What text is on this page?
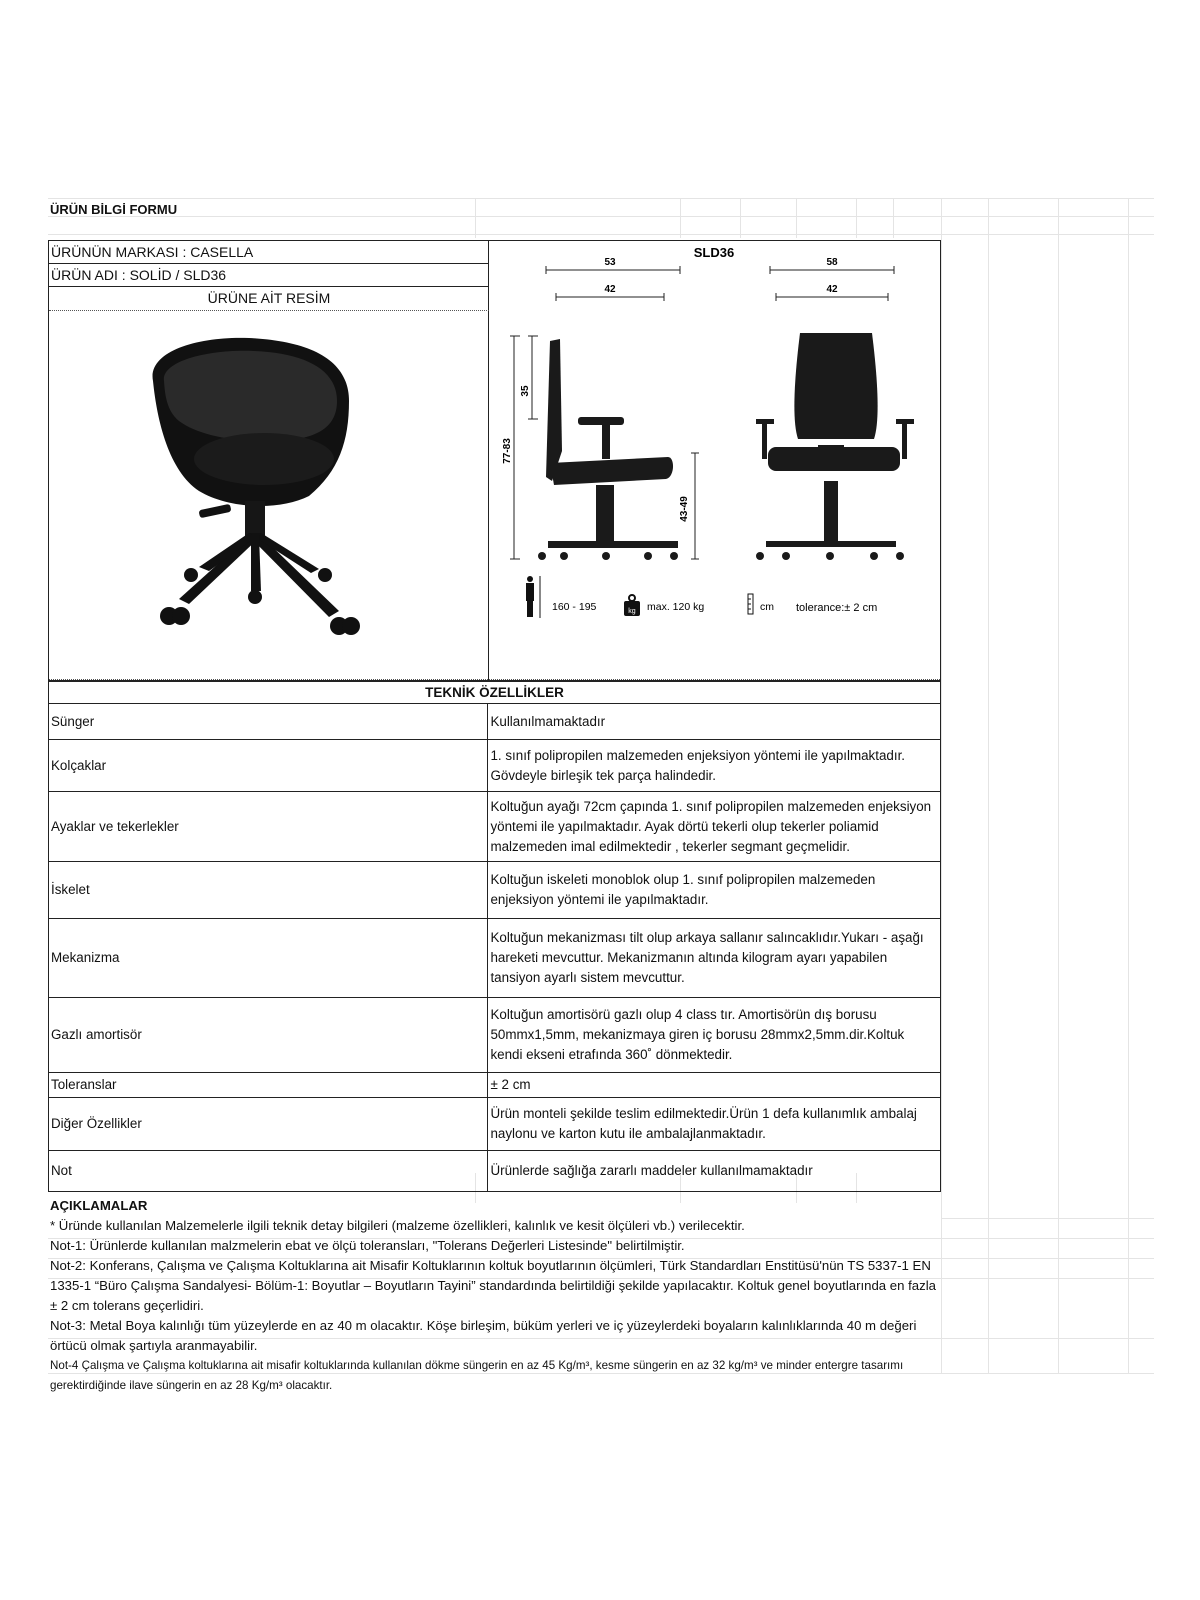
ÜRÜN BİLGİ FORMU
ÜRÜNÜN MARKASI : CASELLA
ÜRÜN ADI : SOLİD / SLD36
ÜRÜNE AİT RESİM
SLD36
53
42
58
42
77-83
35
43-49
160 - 195	kg max. 120 kg	cm tolerance:± 2 cm
TEKNİK ÖZELLİKLER	
Sünger	Kullanılmamaktadır
Kolçaklar	1. sınıf polipropilen malzemeden enjeksiyon yöntemi ile yapılmaktadır. Gövdeyle birleşik tek parça halindedir.
Ayaklar ve tekerlekler	Koltuğun ayağı 72cm çapında 1. sınıf polipropilen malzemeden enjeksiyon yöntemi ile yapılmaktadır. Ayak dörtü tekerli olup tekerler poliamid malzemeden imal edilmektedir , tekerler segmant geçmelidir.
İskelet	Koltuğun iskeleti monoblok olup 1. sınıf polipropilen malzemeden enjeksiyon yöntemi ile yapılmaktadır.
Mekanizma	Koltuğun mekanizması tilt olup arkaya sallanır salıncaklıdır.Yukarı - aşağı hareketi mevcuttur. Mekanizmanın altında kilogram ayarı yapabilen tansiyon ayarlı sistem mevcuttur.
Gazlı amortisör	Koltuğun amortisörü gazlı olup 4 class tır. Amortisörün dış borusu 50mmx1,5mm, mekanizmaya giren iç borusu 28mmx2,5mm.dir.Koltuk kendi ekseni etrafında 360˚ dönmektedir.
Toleranslar	± 2 cm
Diğer Özellikler	Ürün monteli şekilde teslim edilmektedir.Ürün 1 defa kullanımlık ambalaj naylonu ve karton kutu ile ambalajlanmaktadır.
Not	Ürünlerde sağlığa zararlı maddeler kullanılmamaktadır
AÇIKLAMALAR
* Üründe kullanılan Malzemelerle ilgili teknik detay bilgileri (malzeme özellikleri, kalınlık ve kesit ölçüleri vb.) verilecektir.
Not-1: Ürünlerde kullanılan malzmelerin ebat ve ölçü toleransları, "Tolerans Değerleri Listesinde" belirtilmiştir.
Not-2: Konferans, Çalışma ve Çalışma Koltuklarına ait Misafir Koltuklarının koltuk boyutlarının ölçümleri, Türk Standardları Enstitüsü'nün TS 5337-1 EN 1335-1 “Büro Çalışma Sandalyesi- Bölüm-1: Boyutlar – Boyutların Tayini” standardında belirtildiği şekilde yapılacaktır. Koltuk genel boyutlarında en fazla ± 2 cm tolerans geçerlidiri.
Not-3: Metal Boya kalınlığı tüm yüzeylerde en az 40 m olacaktır. Köşe birleşim, büküm yerleri ve iç yüzeylerdeki boyaların kalınlıklarında 40 m değeri örtücü olmak şartıyla aranmayabilir.
Not-4 Çalışma ve Çalışma koltuklarına ait misafir koltuklarında kullanılan dökme süngerin en az 45 Kg/m³, kesme süngerin en az 32 kg/m³ ve minder entergre tasarımı gerektirdiğinde ilave süngerin en az 28 Kg/m³ olacaktır.
